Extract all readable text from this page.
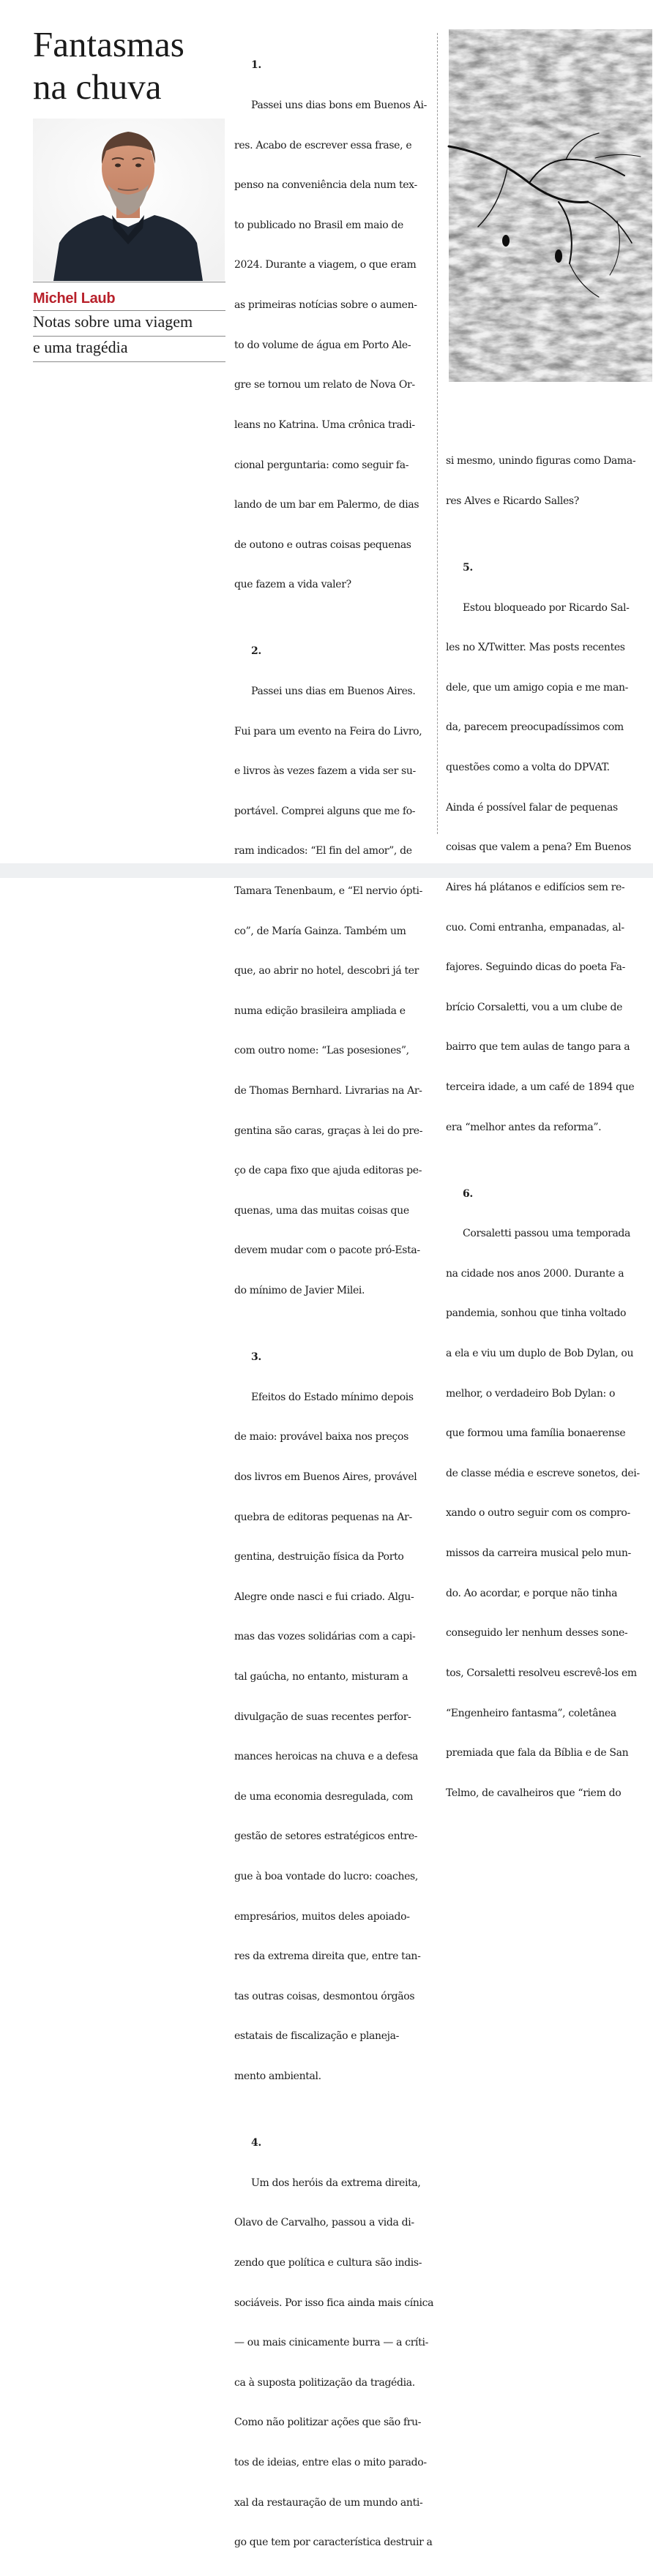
Fantasmas
na chuva
Michel Laub
Notas sobre uma viagem
e uma tragédia

1.

Passei uns dias bons em Buenos Ai-

res. Acabo de escrever essa frase, e

penso na conveniência dela num tex-

to publicado no Brasil em maio de

2024. Durante a viagem, o que eram

as primeiras notícias sobre o aumen-

to do volume de água em Porto Ale-

gre se tornou um relato de Nova Or-

leans no Katrina. Uma crônica tradi-

cional perguntaria: como seguir fa-

lando de um bar em Palermo, de dias

de outono e outras coisas pequenas

que fazem a vida valer?

2.

Passei uns dias em Buenos Aires.

Fui para um evento na Feira do Livro,

e livros às vezes fazem a vida ser su-

portável. Comprei alguns que me fo-

ram indicados: “El fin del amor”, de

Tamara Tenenbaum, e “El nervio ópti-

co”, de María Gainza. Também um

que, ao abrir no hotel, descobri já ter

numa edição brasileira ampliada e

com outro nome: “Las posesiones”,

de Thomas Bernhard. Livrarias na Ar-

gentina são caras, graças à lei do pre-

ço de capa fixo que ajuda editoras pe-

quenas, uma das muitas coisas que

devem mudar com o pacote pró-Esta-

do mínimo de Javier Milei.

3.

Efeitos do Estado mínimo depois

de maio: provável baixa nos preços

dos livros em Buenos Aires, provável

quebra de editoras pequenas na Ar-

gentina, destruição física da Porto

Alegre onde nasci e fui criado. Algu-

mas das vozes solidárias com a capi-

tal gaúcha, no entanto, misturam a

divulgação de suas recentes perfor-

mances heroicas na chuva e a defesa

de uma economia desregulada, com

gestão de setores estratégicos entre-

gue à boa vontade do lucro: coaches,

empresários, muitos deles apoiado-

res da extrema direita que, entre tan-

tas outras coisas, desmontou órgãos

estatais de fiscalização e planeja-

mento ambiental.

4.

Um dos heróis da extrema direita,

Olavo de Carvalho, passou a vida di-

zendo que política e cultura são indis-

sociáveis. Por isso fica ainda mais cínica

— ou mais cinicamente burra — a críti-

ca à suposta politização da tragédia.

Como não politizar ações que são fru-

tos de ideias, entre elas o mito parado-

xal da restauração de um mundo anti-

go que tem por característica destruir a

si mesmo, unindo figuras como Dama-

res Alves e Ricardo Salles?

5.

Estou bloqueado por Ricardo Sal-

les no X/Twitter. Mas posts recentes

dele, que um amigo copia e me man-

da, parecem preocupadíssimos com

questões como a volta do DPVAT.

Ainda é possível falar de pequenas

coisas que valem a pena? Em Buenos

Aires há plátanos e edifícios sem re-

cuo. Comi entranha, empanadas, al-

fajores. Seguindo dicas do poeta Fa-

brício Corsaletti, vou a um clube de

bairro que tem aulas de tango para a

terceira idade, a um café de 1894 que

era “melhor antes da reforma”.

6.

Corsaletti passou uma temporada

na cidade nos anos 2000. Durante a

pandemia, sonhou que tinha voltado

a ela e viu um duplo de Bob Dylan, ou

melhor, o verdadeiro Bob Dylan: o

que formou uma família bonaerense

de classe média e escreve sonetos, dei-

xando o outro seguir com os compro-

missos da carreira musical pelo mun-

do. Ao acordar, e porque não tinha

conseguido ler nenhum desses sone-

tos, Corsaletti resolveu escrevê-los em

“Engenheiro fantasma”, coletânea

premiada que fala da Bíblia e de San

Telmo, de cavalheiros que “riem do
